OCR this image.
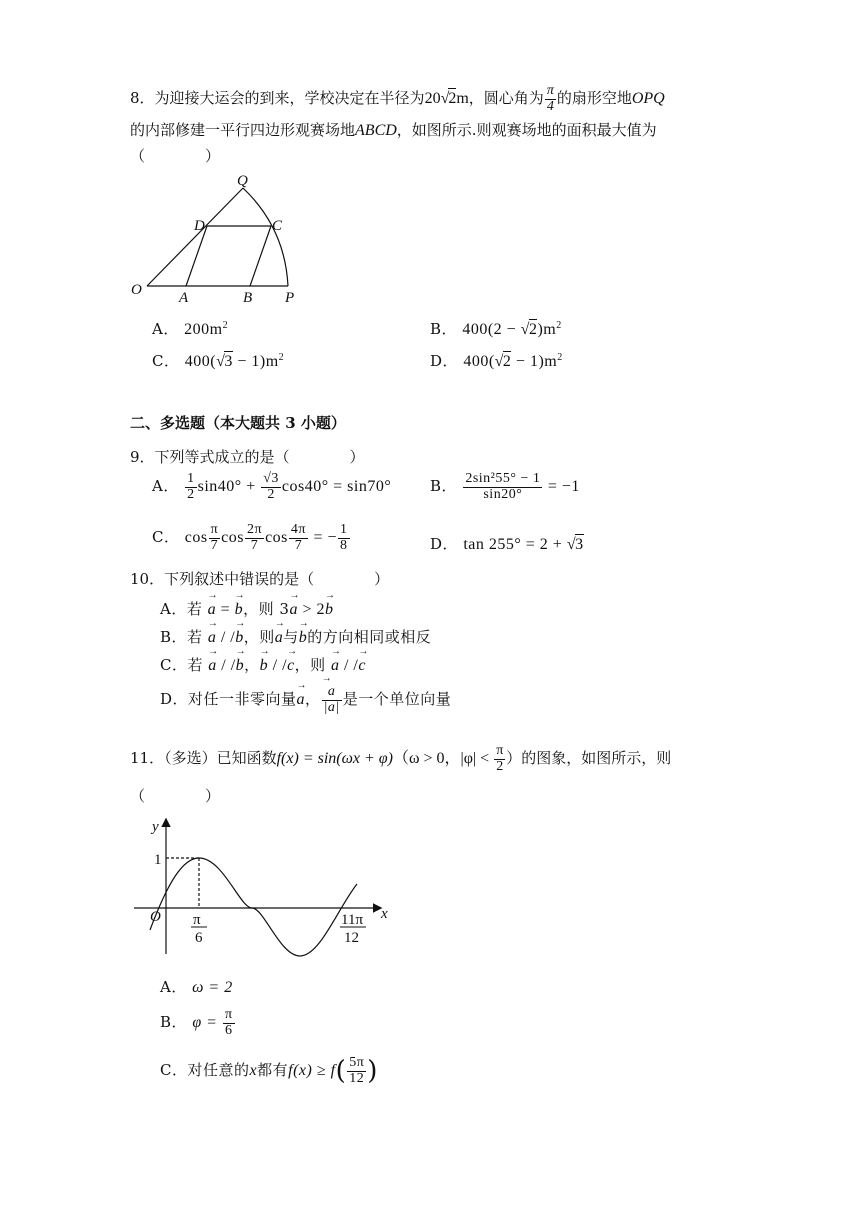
8．为迎接大运会的到来，学校决定在半径为20√2m，圆心角为 $\frac{\pi}{4}$ 的扇形空地OPQ
的内部修建一平行四边形观赛场地ABCD，如图所示.则观赛场地的面积最大值为
（　　　　）
O A	B P
Q
D	C
A． $200m^2$	B． $400(2 - √2)m^2$
C． $400(√3 - 1)m^2$	D． $400(√2 - 1)m^2$
二、多选题（本大题共 3 小题）
9．下列等式成立的是（　　　　）
A． $\frac{1}{2} \sin 40^\circ + \frac{√3}{2} \cos 40^\circ = \sin 70^\circ$	B． $\frac{\text{2sin²55° − 1}}{\sin 20^\circ} = -1$
C． $\cos \frac{\pi}{7}$ $\cos \frac{2\pi}{7}$ $\cos \frac{4\pi}{7}$ = − $\frac{1}{8}$	D． tan 255° = 2 + √3
10．下列叙述中错误的是（　　　　）
A．若 → a = → b，则 3→ a > 2→ b
B．若 → a / /→ b，则→ a与→ b的方向相同或相反
C．若 → a / /→ b，→ b / /→ c，则 → a / /→ c
D．对任一非零向量→ a，
→ $\frac{a}{|a|}$ 是一个单位向量
11．（多选）已知函数f(x) = sin(ωx + φ)（ω > 0，$|\varphi| < \frac{\pi}{2}$ ）的图象，如图所示，则
（　　　　）
y
x
O
1
π
6
11π
12
A． ω = 2
B． $\varphi = \frac{\pi}{6}$
C．对任意的x都有$f(x) \ge f( \frac{5\pi}{12}$ )
